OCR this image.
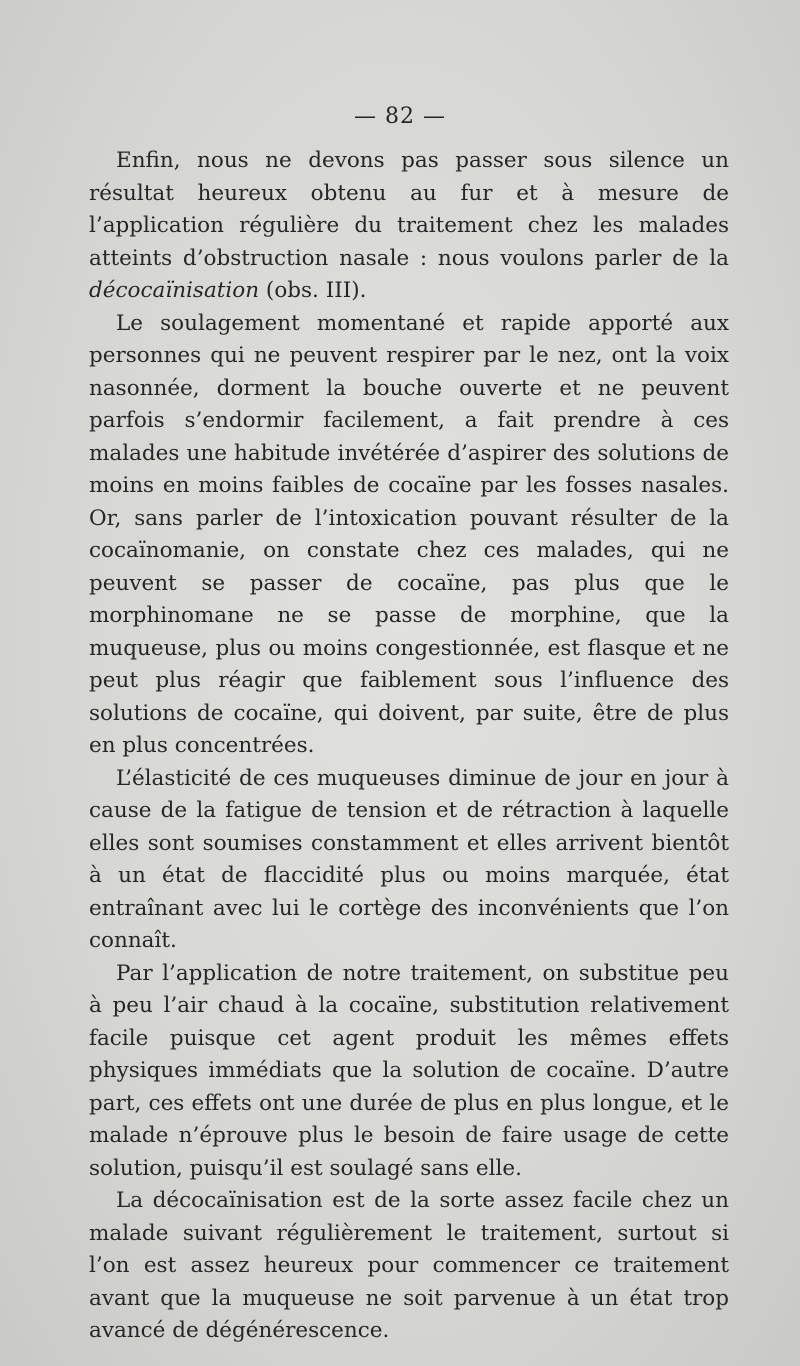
— 82 —

Enfin, nous ne devons pas passer sous silence un résultat heureux obtenu au fur et à mesure de l’application régulière du traitement chez les malades atteints d’obstruction nasale : nous voulons parler de la décocaïnisation (obs. III).

Le soulagement momentané et rapide apporté aux personnes qui ne peuvent respirer par le nez, ont la voix nasonnée, dorment la bouche ouverte et ne peuvent parfois s’endormir facilement, a fait prendre à ces malades une habitude invétérée d’aspirer des solutions de moins en moins faibles de cocaïne par les fosses nasales. Or, sans parler de l’intoxication pouvant résulter de la cocaïnomanie, on constate chez ces malades, qui ne peuvent se passer de cocaïne, pas plus que le morphinomane ne se passe de morphine, que la muqueuse, plus ou moins congestionnée, est flasque et ne peut plus réagir que faiblement sous l’influence des solutions de cocaïne, qui doivent, par suite, être de plus en plus concentrées.

L’élasticité de ces muqueuses diminue de jour en jour à cause de la fatigue de tension et de rétraction à laquelle elles sont soumises constamment et elles arrivent bientôt à un état de flaccidité plus ou moins marquée, état entraînant avec lui le cortège des inconvénients que l’on connaît.

Par l’application de notre traitement, on substitue peu à peu l’air chaud à la cocaïne, substitution relativement facile puisque cet agent produit les mêmes effets physiques immédiats que la solution de cocaïne. D’autre part, ces effets ont une durée de plus en plus longue, et le malade n’éprouve plus le besoin de faire usage de cette solution, puisqu’il est soulagé sans elle.

La décocaïnisation est de la sorte assez facile chez un malade suivant régulièrement le traitement, surtout si l’on est assez heureux pour commencer ce traitement avant que la muqueuse ne soit parvenue à un état trop avancé de dégénérescence.
